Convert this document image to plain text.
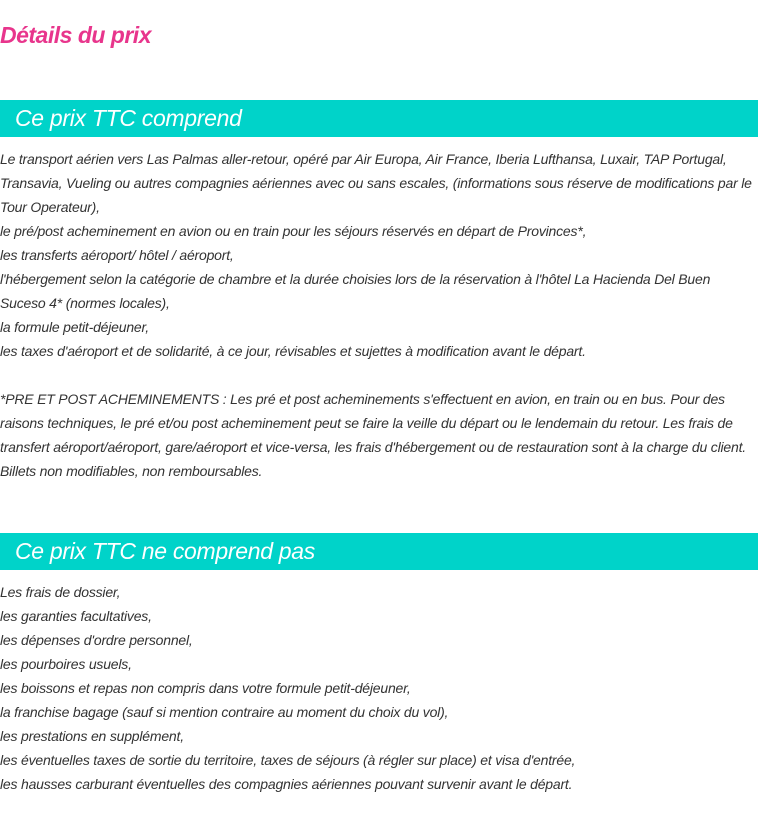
Détails du prix
Ce prix TTC comprend
Le transport aérien vers Las Palmas aller-retour, opéré par Air Europa, Air France, Iberia Lufthansa, Luxair, TAP Portugal, Transavia, Vueling ou autres compagnies aériennes avec ou sans escales, (informations sous réserve de modifications par le Tour Operateur),
le pré/post acheminement en avion ou en train pour les séjours réservés en départ de Provinces*,
les transferts aéroport/ hôtel / aéroport,
l'hébergement selon la catégorie de chambre et la durée choisies lors de la réservation à l'hôtel La Hacienda Del Buen Suceso 4* (normes locales),
la formule petit-déjeuner,
les taxes d'aéroport et de solidarité, à ce jour, révisables et sujettes à modification avant le départ.

*PRE ET POST ACHEMINEMENTS : Les pré et post acheminements s'effectuent en avion, en train ou en bus. Pour des raisons techniques, le pré et/ou post acheminement peut se faire la veille du départ ou le lendemain du retour. Les frais de transfert aéroport/aéroport, gare/aéroport et vice-versa, les frais d'hébergement ou de restauration sont à la charge du client. Billets non modifiables, non remboursables.

Ce prix TTC ne comprend pas
Les frais de dossier,
les garanties facultatives,
les dépenses d'ordre personnel,
les pourboires usuels,
les boissons et repas non compris dans votre formule petit-déjeuner,
la franchise bagage (sauf si mention contraire au moment du choix du vol),
les prestations en supplément,
les éventuelles taxes de sortie du territoire, taxes de séjours (à régler sur place) et visa d'entrée,
les hausses carburant éventuelles des compagnies aériennes pouvant survenir avant le départ.
